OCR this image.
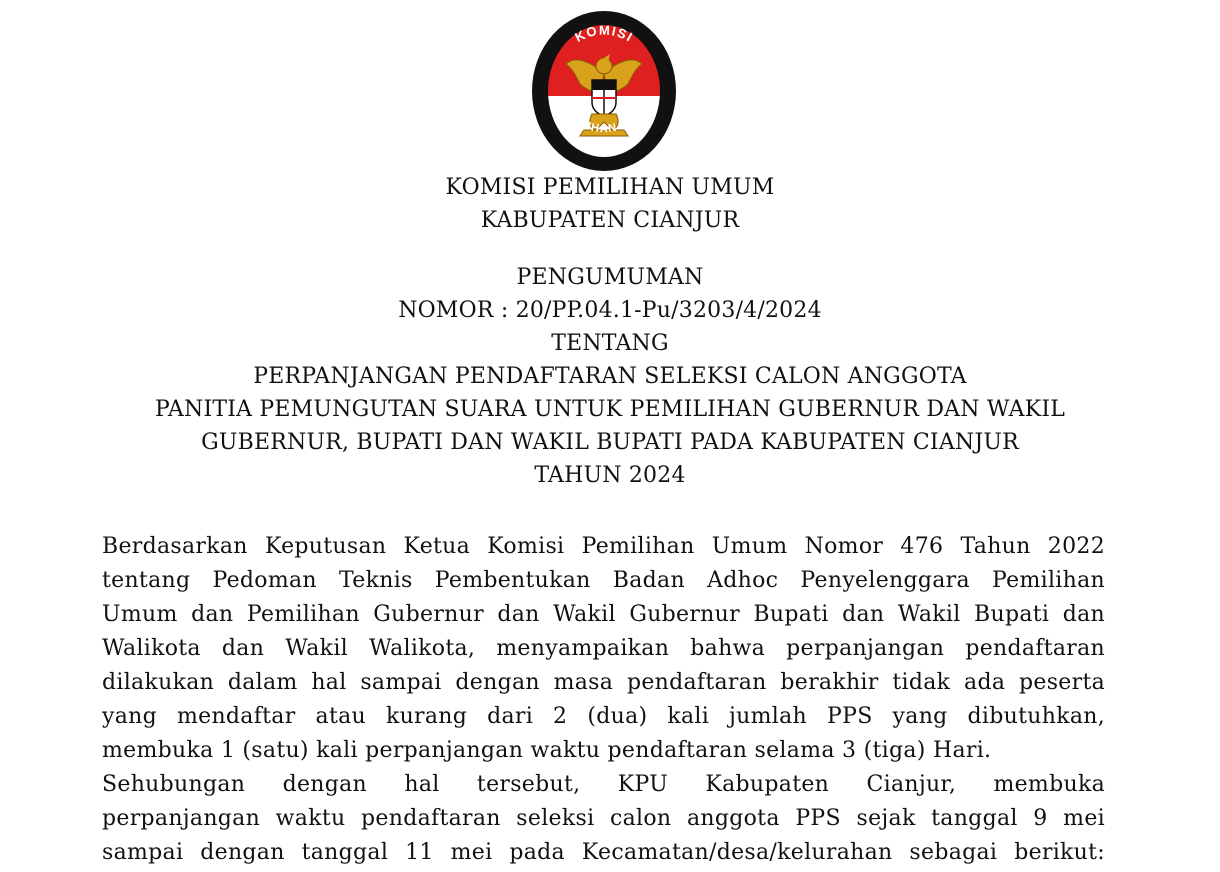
KOMISI
PEMILIHAN UMUM
KOMISI PEMILIHAN UMUM
KABUPATEN CIANJUR
PENGUMUMAN
NOMOR : 20/PP.04.1-Pu/3203/4/2024
TENTANG
PERPANJANGAN PENDAFTARAN SELEKSI CALON ANGGOTA
PANITIA PEMUNGUTAN SUARA UNTUK PEMILIHAN GUBERNUR DAN WAKIL
GUBERNUR, BUPATI DAN WAKIL BUPATI PADA KABUPATEN CIANJUR
TAHUN 2024
Berdasarkan Keputusan Ketua Komisi Pemilihan Umum Nomor 476 Tahun 2022
tentang Pedoman Teknis Pembentukan Badan Adhoc Penyelenggara Pemilihan
Umum dan Pemilihan Gubernur dan Wakil Gubernur Bupati dan Wakil Bupati dan
Walikota dan Wakil Walikota, menyampaikan bahwa perpanjangan pendaftaran
dilakukan dalam hal sampai dengan masa pendaftaran berakhir tidak ada peserta
yang mendaftar atau kurang dari 2 (dua) kali jumlah PPS yang dibutuhkan,
membuka 1 (satu) kali perpanjangan waktu pendaftaran selama 3 (tiga) Hari.
Sehubungan dengan hal tersebut, KPU Kabupaten Cianjur, membuka
perpanjangan waktu pendaftaran seleksi calon anggota PPS sejak tanggal 9 mei
sampai dengan tanggal 11 mei pada Kecamatan/desa/kelurahan sebagai berikut:
